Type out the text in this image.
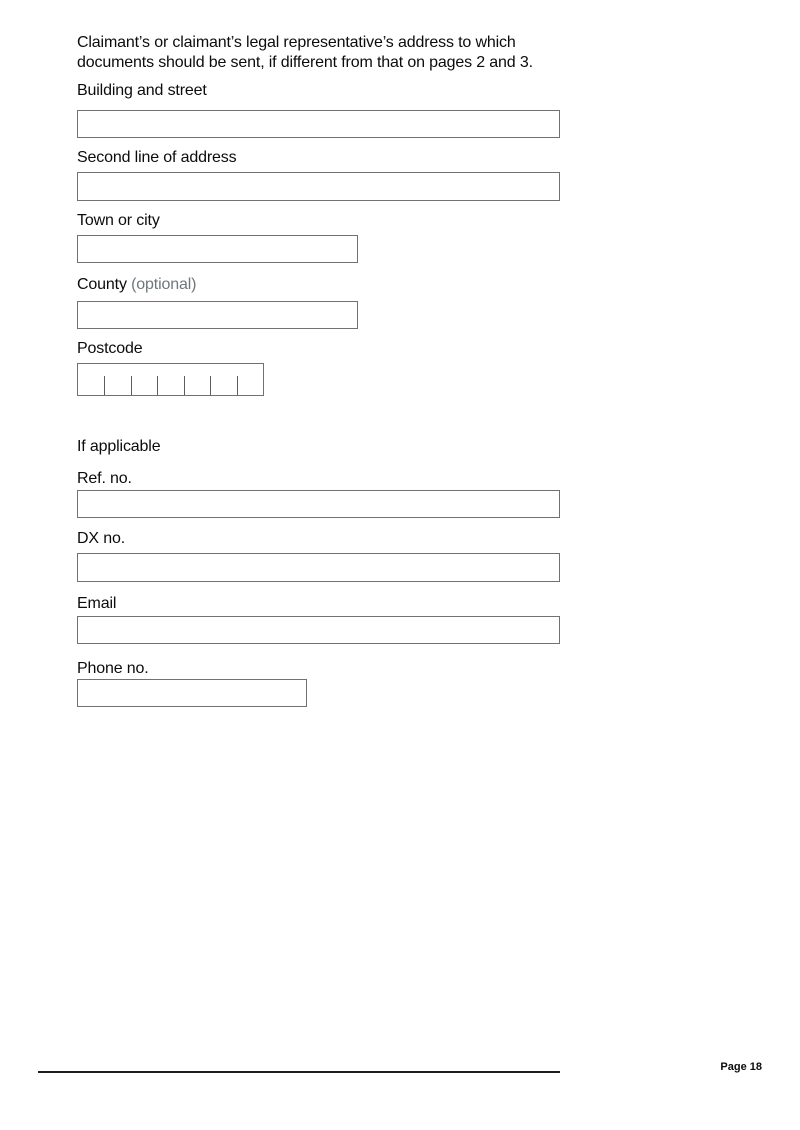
Claimant’s or claimant’s legal representative’s address to which
documents should be sent, if different from that on pages 2 and 3.
Building and street
Second line of address
Town or city
County (optional)
Postcode
If applicable
Ref. no.
DX no.
Email
Phone no.
Page 18
